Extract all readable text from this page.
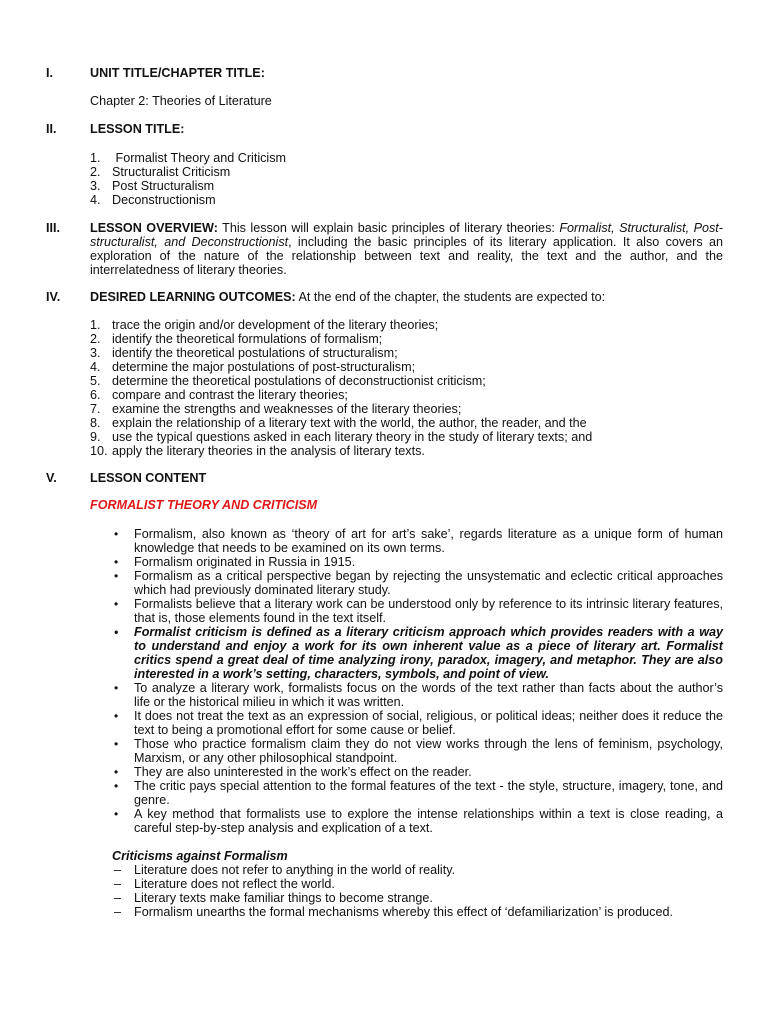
I.	UNIT TITLE/CHAPTER TITLE:
Chapter 2: Theories of Literature
II.	LESSON TITLE:
1. Formalist Theory and Criticism
2. Structuralist Criticism
3. Post Structuralism
4. Deconstructionism
III.	LESSON OVERVIEW: This lesson will explain basic principles of literary theories: Formalist, Structuralist, Post-structuralist, and Deconstructionist, including the basic principles of its literary application. It also covers an exploration of the nature of the relationship between text and reality, the text and the author, and the interrelatedness of literary theories.
IV.	DESIRED LEARNING OUTCOMES: At the end of the chapter, the students are expected to:
1. trace the origin and/or development of the literary theories;
2. identify the theoretical formulations of formalism;
3. identify the theoretical postulations of structuralism;
4. determine the major postulations of post-structuralism;
5. determine the theoretical postulations of deconstructionist criticism;
6. compare and contrast the literary theories;
7. examine the strengths and weaknesses of the literary theories;
8. explain the relationship of a literary text with the world, the author, the reader, and the
9. use the typical questions asked in each literary theory in the study of literary texts; and
10. apply the literary theories in the analysis of literary texts.
V.	LESSON CONTENT
FORMALIST THEORY AND CRITICISM
• Formalism, also known as ‘theory of art for art’s sake’, regards literature as a unique form of human knowledge that needs to be examined on its own terms.
• Formalism originated in Russia in 1915.
• Formalism as a critical perspective began by rejecting the unsystematic and eclectic critical approaches which had previously dominated literary study.
• Formalists believe that a literary work can be understood only by reference to its intrinsic literary features, that is, those elements found in the text itself.
• Formalist criticism is defined as a literary criticism approach which provides readers with a way to understand and enjoy a work for its own inherent value as a piece of literary art. Formalist critics spend a great deal of time analyzing irony, paradox, imagery, and metaphor. They are also interested in a work’s setting, characters, symbols, and point of view.
• To analyze a literary work, formalists focus on the words of the text rather than facts about the author’s life or the historical milieu in which it was written.
• It does not treat the text as an expression of social, religious, or political ideas; neither does it reduce the text to being a promotional effort for some cause or belief.
• Those who practice formalism claim they do not view works through the lens of feminism, psychology, Marxism, or any other philosophical standpoint.
• They are also uninterested in the work’s effect on the reader.
• The critic pays special attention to the formal features of the text - the style, structure, imagery, tone, and genre.
• A key method that formalists use to explore the intense relationships within a text is close reading, a careful step-by-step analysis and explication of a text.
Criticisms against Formalism
– Literature does not refer to anything in the world of reality.
– Literature does not reflect the world.
– Literary texts make familiar things to become strange.
– Formalism unearths the formal mechanisms whereby this effect of ‘defamiliarization’ is produced.
